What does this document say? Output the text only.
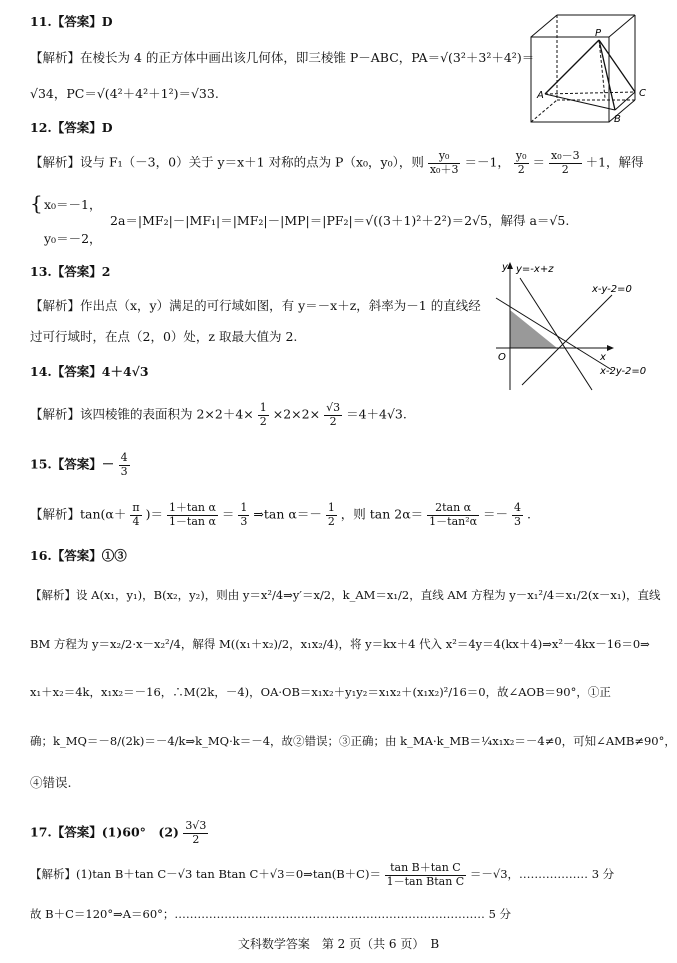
11.【答案】D
【解析】在棱长为 4 的正方体中画出该几何体，即三棱锥 P－ABC，PA＝√(3²＋3²＋4²)＝
√34，PC＝√(4²＋4²＋1²)＝√33.
P
A	C
B
12.【答案】D
【解析】设与 F₁（－3，0）关于 y＝x＋1 对称的点为 P（x₀，y₀），则 $\frac{\text{y₀}}{\text{x₀＋3}} =-1$， $\frac{\text{y₀}}{2} = \frac{\text{x₀－3}}{2} +1$，解得
{ x₀＝－1，
y₀＝－2，
2a＝|MF₂|－|MF₁|＝|MF₂|－|MP|＝|PF₂|＝√((3＋1)²＋2²)＝2√5，解得 a＝√5.
13.【答案】2
【解析】作出点（x，y）满足的可行域如图，有 y＝－x＋z，斜率为－1 的直线经
过可行域时，在点（2，0）处，z 取最大值为 2.
y y=-x+z
x-y-2=0
O	x
x-2y-2=0
14.【答案】4＋4√3
【解析】该四棱锥的表面积为 $2\times 2+4\times \frac{1}{2} \times 2\times 2\times \frac{√3}{2} =4+4√3$.
15.【答案】－ $\frac{4}{3}$
【解析】$\tan(\alpha+ \frac{\pi}{4}$ )＝ $\frac{\text{1＋tan α}}{\text{1－tan α}} = \frac{1}{3}$ ⇒tan $\alpha=- \frac{1}{2}$ ，则 $\tan 2\alpha= \frac{\text{2tan α}}{\text{1－tan²α}} =- \frac{4}{3}$ .
16.【答案】①③
【解析】设 A(x₁，y₁)，B(x₂，y₂)，则由 y＝x²/4⇒y′＝x/2，k_AM＝x₁/2，直线 AM 方程为 y－x₁²/4＝x₁/2(x－x₁)，直线
BM 方程为 y＝x₂/2·x－x₂²/4，解得 M((x₁＋x₂)/2，x₁x₂/4)，将 y＝kx＋4 代入 x²＝4y＝4(kx＋4)⇒x²－4kx－16＝0⇒
x₁＋x₂＝4k，x₁x₂＝－16，∴M(2k，－4)，OA·OB＝x₁x₂＋y₁y₂＝x₁x₂＋(x₁x₂)²/16＝0，故∠AOB＝90°，①正
确；k_MQ＝－8/(2k)＝－4/k⇒k_MQ·k＝－4，故②错误；③正确；由 k_MA·k_MB＝¼x₁x₂＝－4≠0，可知∠AMB≠90°，
④错误.
17.【答案】(1)60°　$(2) \frac{3√3}{2}$
【解析】(1)tan B＋tan C－√3 tan Btan C＋√3＝0⇒tan(B＋C)＝ $\frac{\text{tan B＋tan C}}{\text{1－tan Btan C}} =-√3$，……………… 3 分
故 B＋C＝120°⇒A＝60°；……………………………………………………………………… 5 分
文科数学答案　第 2 页（共 6 页）　B
